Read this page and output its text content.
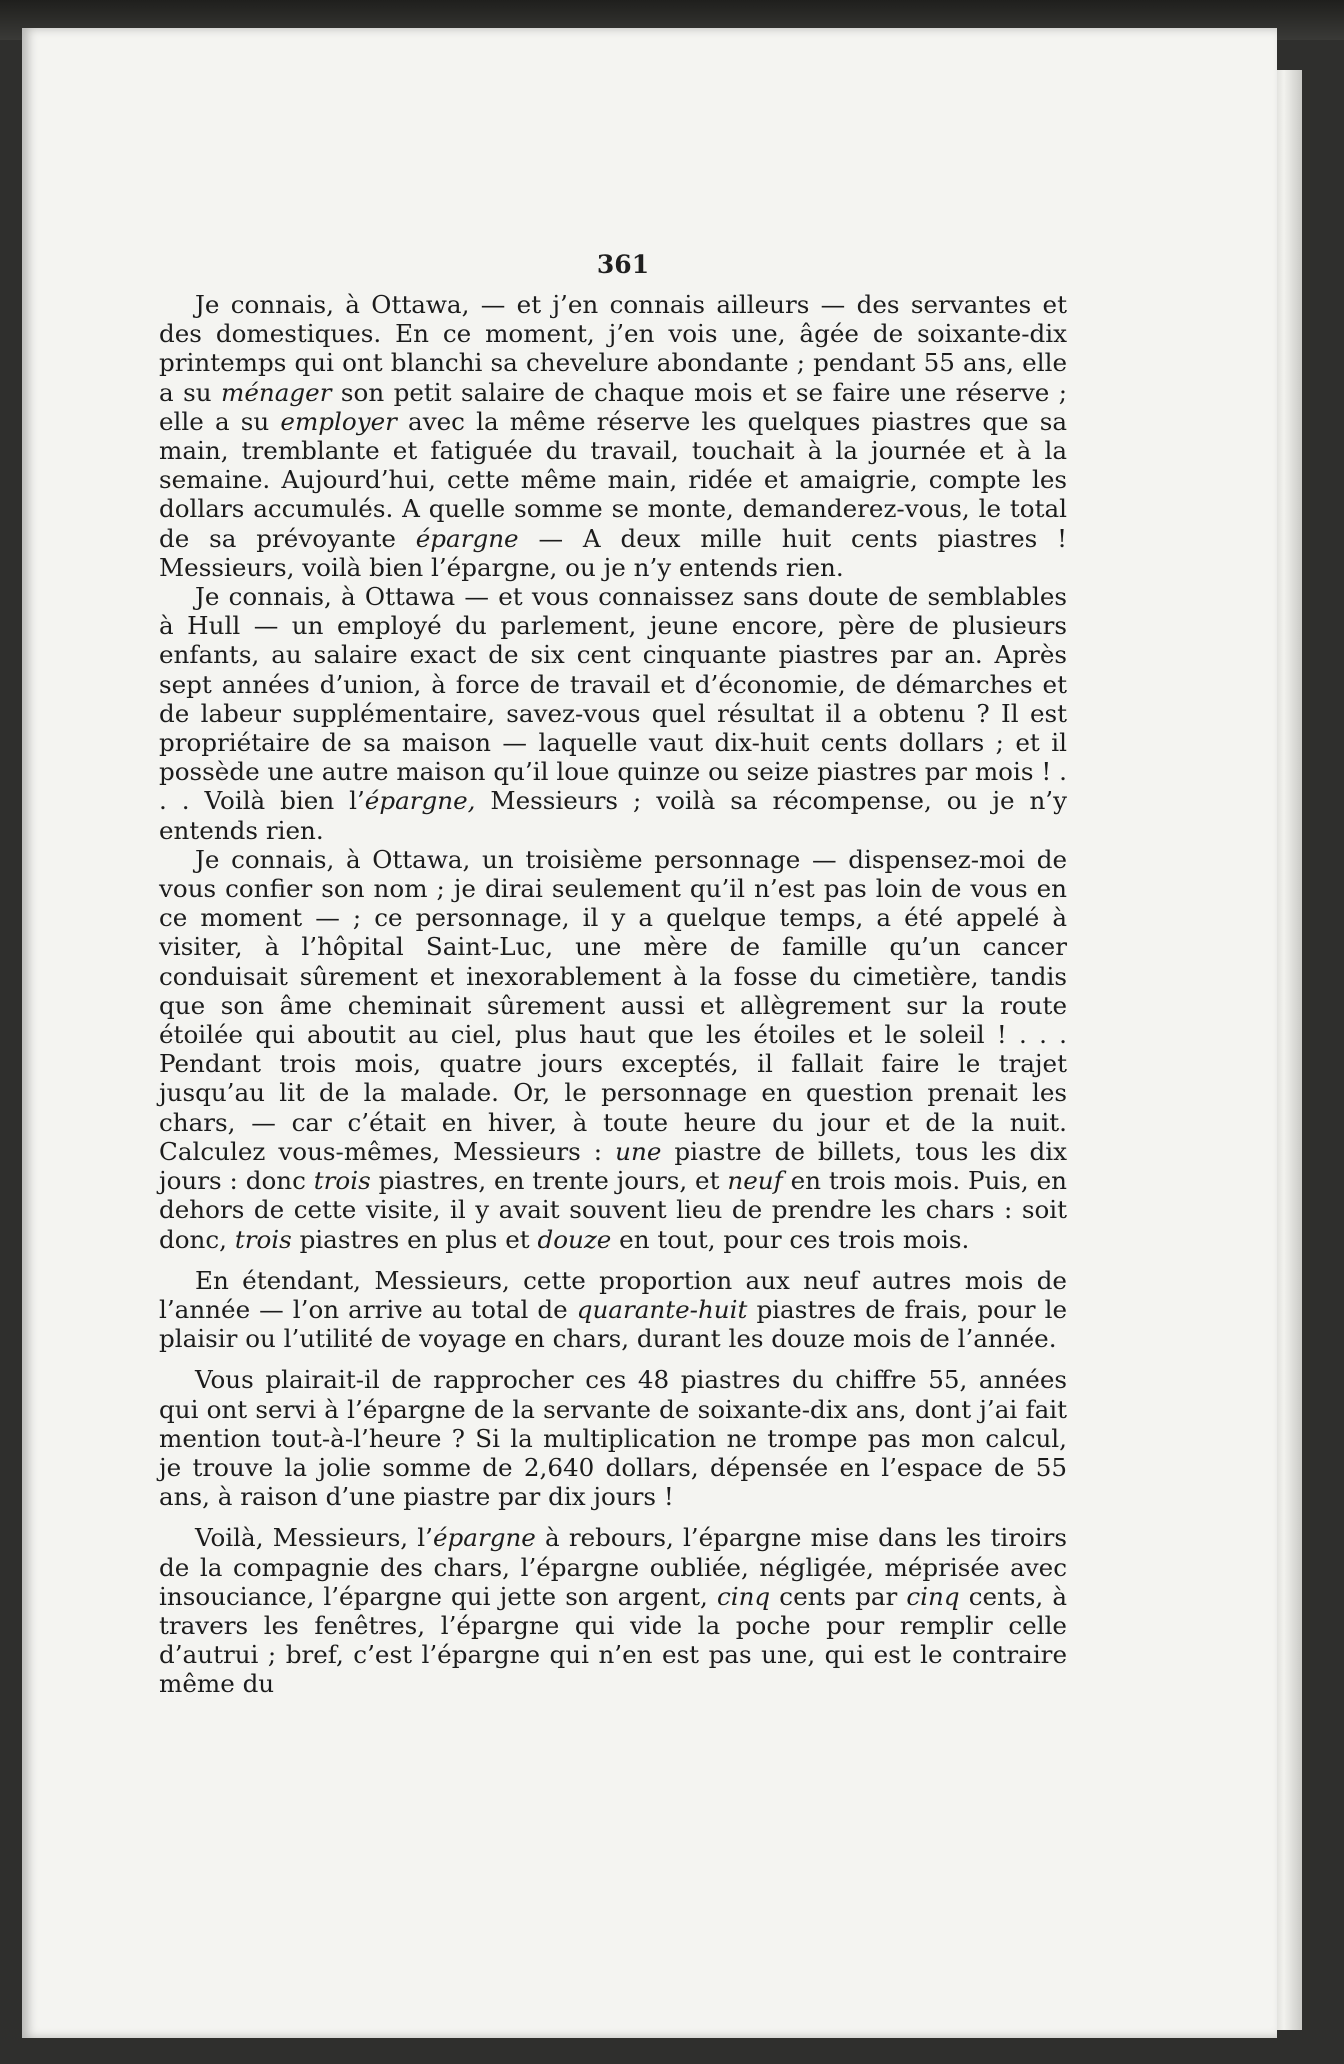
361

Je connais, à Ottawa, — et j’en connais ailleurs — des servantes et des domestiques. En ce moment, j’en vois une, âgée de soixante-dix printemps qui ont blanchi sa chevelure abondante ; pendant 55 ans, elle a su ménager son petit salaire de chaque mois et se faire une réserve ; elle a su employer avec la même réserve les quelques piastres que sa main, tremblante et fatiguée du travail, touchait à la journée et à la semaine. Aujourd’hui, cette même main, ridée et amaigrie, compte les dollars accumulés. A quelle somme se monte, demanderez-vous, le total de sa prévoyante épargne — A deux mille huit cents piastres ! Messieurs, voilà bien l’épargne, ou je n’y entends rien.

Je connais, à Ottawa — et vous connaissez sans doute de semblables à Hull — un employé du parlement, jeune encore, père de plusieurs enfants, au salaire exact de six cent cinquante piastres par an. Après sept années d’union, à force de travail et d’économie, de démarches et de labeur supplémentaire, savez-vous quel résultat il a obtenu ? Il est propriétaire de sa maison — laquelle vaut dix-huit cents dollars ; et il possède une autre maison qu’il loue quinze ou seize piastres par mois ! . . . Voilà bien l’épargne, Messieurs ; voilà sa récompense, ou je n’y entends rien.

Je connais, à Ottawa, un troisième personnage — dispensez-moi de vous confier son nom ; je dirai seulement qu’il n’est pas loin de vous en ce moment — ; ce personnage, il y a quelque temps, a été appelé à visiter, à l’hôpital Saint-Luc, une mère de famille qu’un cancer conduisait sûrement et inexorablement à la fosse du cimetière, tandis que son âme cheminait sûrement aussi et allègrement sur la route étoilée qui aboutit au ciel, plus haut que les étoiles et le soleil ! . . . Pendant trois mois, quatre jours exceptés, il fallait faire le trajet jusqu’au lit de la malade. Or, le personnage en question prenait les chars, — car c’était en hiver, à toute heure du jour et de la nuit. Calculez vous-mêmes, Messieurs : une piastre de billets, tous les dix jours : donc trois piastres, en trente jours, et neuf en trois mois. Puis, en dehors de cette visite, il y avait souvent lieu de prendre les chars : soit donc, trois piastres en plus et douze en tout, pour ces trois mois.

En étendant, Messieurs, cette proportion aux neuf autres mois de l’année — l’on arrive au total de quarante-huit piastres de frais, pour le plaisir ou l’utilité de voyage en chars, durant les douze mois de l’année.

Vous plairait-il de rapprocher ces 48 piastres du chiffre 55, années qui ont servi à l’épargne de la servante de soixante-dix ans, dont j’ai fait mention tout-à-l’heure ? Si la multiplication ne trompe pas mon calcul, je trouve la jolie somme de 2,640 dollars, dépensée en l’espace de 55 ans, à raison d’une piastre par dix jours !

Voilà, Messieurs, l’épargne à rebours, l’épargne mise dans les tiroirs de la compagnie des chars, l’épargne oubliée, négligée, méprisée avec insouciance, l’épargne qui jette son argent, cinq cents par cinq cents, à travers les fenêtres, l’épargne qui vide la poche pour remplir celle d’autrui ; bref, c’est l’épargne qui n’en est pas une, qui est le contraire même du
